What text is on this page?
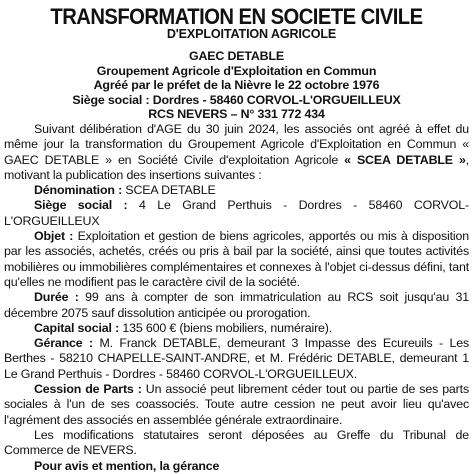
TRANSFORMATION EN SOCIETE CIVILE
D'EXPLOITATION AGRICOLE
GAEC DETABLE
Groupement Agricole d'Exploitation en Commun
Agréé par le préfet de la Nièvre le 22 octobre 1976
Siège social : Dordres - 58460 CORVOL-L'ORGUEILLEUX
RCS NEVERS – N° 331 772 434

Suivant délibération d'AGE du 30 juin 2024, les associés ont agréé à effet du même jour la transformation du Groupement Agricole d'Exploitation en Commun « GAEC DETABLE » en Société Civile d'exploitation Agricole « SCEA DETABLE », motivant la publication des insertions suivantes :

Dénomination : SCEA DETABLE

Siège social : 4 Le Grand Perthuis - Dordres - 58460 CORVOL-L'ORGUEILLEUX

Objet : Exploitation et gestion de biens agricoles, apportés ou mis à disposition par les associés, achetés, créés ou pris à bail par la société, ainsi que toutes activités mobilières ou immobilières complémentaires et connexes à l'objet ci-dessus défini, tant qu'elles ne modifient pas le caractère civil de la société.

Durée : 99 ans à compter de son immatriculation au RCS soit jusqu'au 31 décembre 2075 sauf dissolution anticipée ou prorogation.

Capital social : 135 600 € (biens mobiliers, numéraire).

Gérance : M. Franck DETABLE, demeurant 3 Impasse des Ecureuils - Les Berthes - 58210 CHAPELLE-SAINT-ANDRE, et M. Frédéric DETABLE, demeurant 1 Le Grand Perthuis - Dordres - 58460 CORVOL-L'ORGUEILLEUX.

Cession de Parts : Un associé peut librement céder tout ou partie de ses parts sociales à l'un de ses coassociés. Toute autre cession ne peut avoir lieu qu'avec l'agrément des associés en assemblée générale extraordinaire.

Les modifications statutaires seront déposées au Greffe du Tribunal de Commerce de NEVERS.

Pour avis et mention, la gérance
